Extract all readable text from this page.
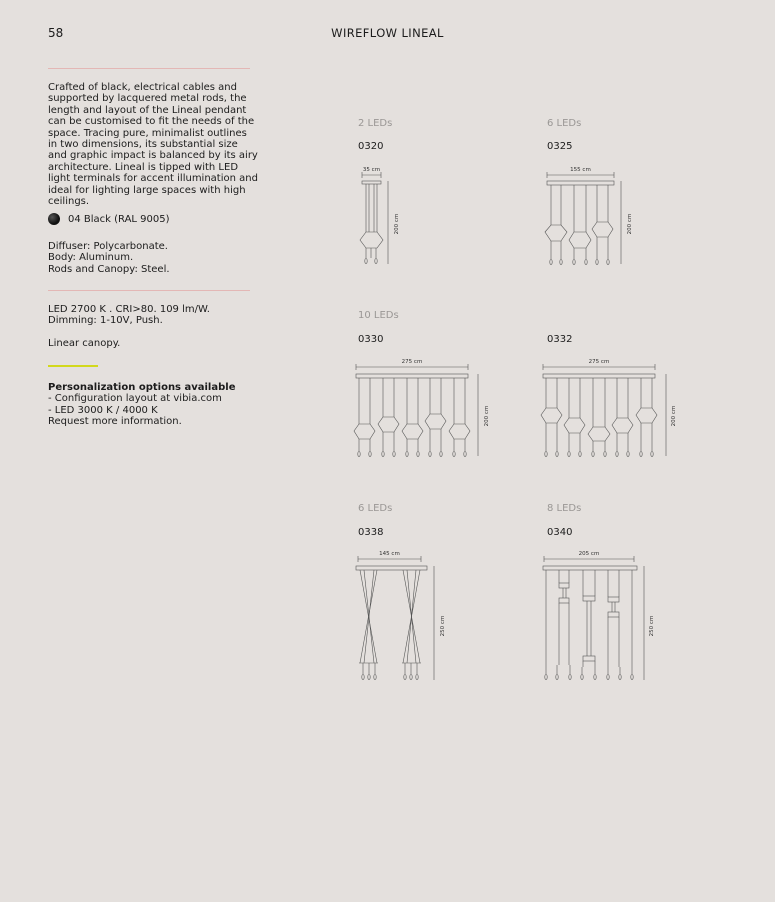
58	WIREFLOW LINEAL
Crafted of black, electrical cables and supported by lacquered metal rods, the length and layout of the Lineal pendant can be customised to fit the needs of the space. Tracing pure, minimalist outlines in two dimensions, its substantial size and graphic impact is balanced by its airy architecture. Lineal is tipped with LED light terminals for accent illumination and ideal for lighting large spaces with high ceilings.
04 Black (RAL 9005)
Diffuser: Polycarbonate.
Body: Aluminum.
Rods and Canopy: Steel.
LED 2700 K . CRI>80. 109 lm/W.
Dimming: 1-10V, Push.
Linear canopy.
Personalization options available
- Configuration layout at vibia.com
- LED 3000 K / 4000 K
Request more information.
2 LEDs
0320
6 LEDs
0325
10 LEDs
0330	0332
6 LEDs
0338
8 LEDs
0340
35 cm	155 cm
275 cm	275 cm
145 cm	205 cm
200 cm	200 cm
200 cm	200 cm
250 cm	250 cm
